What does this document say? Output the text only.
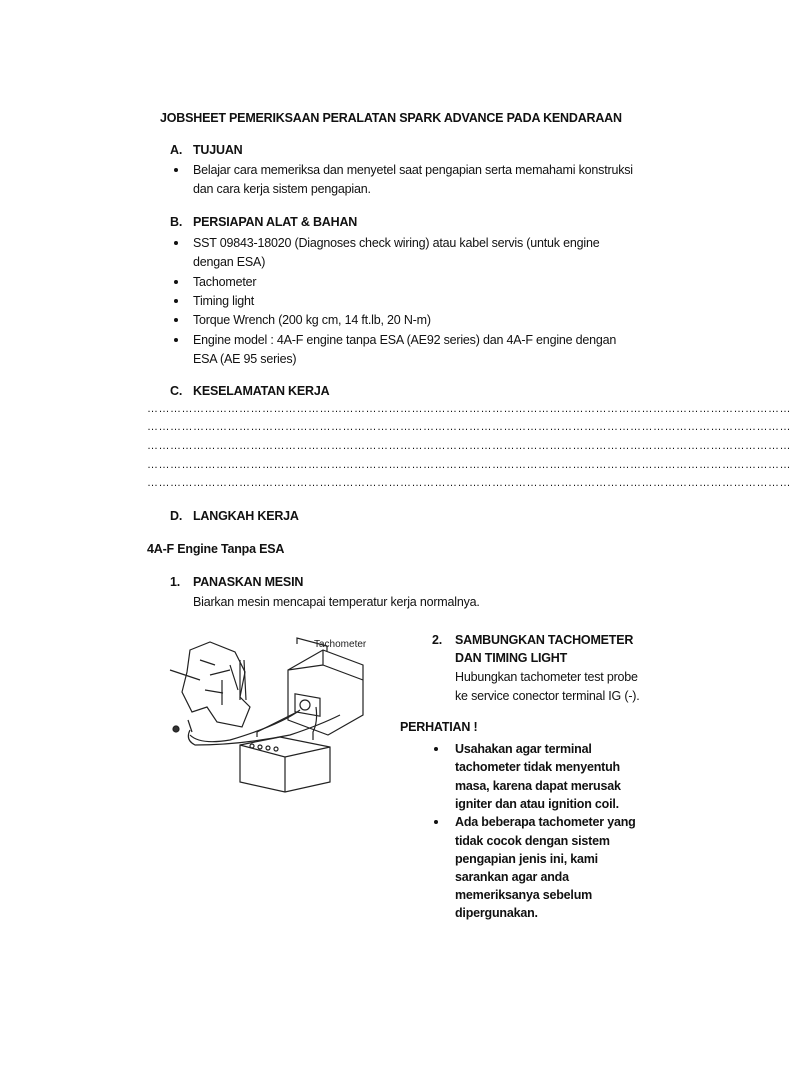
JOBSHEET PEMERIKSAAN PERALATAN SPARK ADVANCE PADA KENDARAAN
A. TUJUAN
Belajar cara memeriksa dan menyetel saat pengapian serta memahami konstruksi
dan cara kerja sistem pengapian.
B. PERSIAPAN ALAT & BAHAN
SST 09843-18020 (Diagnoses check wiring) atau kabel servis (untuk engine
dengan ESA)
Tachometer
Timing light
Torque Wrench (200 kg cm, 14 ft.lb, 20 N-m)
Engine model : 4A-F engine tanpa ESA (AE92 series) dan 4A-F engine dengan
ESA (AE 95 series)
C. KESELAMATAN KERJA
……………………………………………………………………………………………………………………………………………………
……………………………………………………………………………………………………………………………………………………
……………………………………………………………………………………………………………………………………………………
……………………………………………………………………………………………………………………………………………………
……………………………………………………………………………………………………………………………………………………
D. LANGKAH KERJA
4A-F Engine Tanpa ESA
1. PANASKAN MESIN
Biarkan mesin mencapai temperatur kerja normalnya.
Tachometer	2. SAMBUNGKAN TACHOMETER
DAN TIMING LIGHT
Hubungkan tachometer test probe
ke service conector terminal IG (-).
PERHATIAN !
Usahakan agar terminal
tachometer tidak menyentuh
masa, karena dapat merusak
igniter dan atau ignition coil.
Ada beberapa tachometer yang
tidak cocok dengan sistem
pengapian jenis ini, kami
sarankan agar anda
memeriksanya sebelum
dipergunakan.
